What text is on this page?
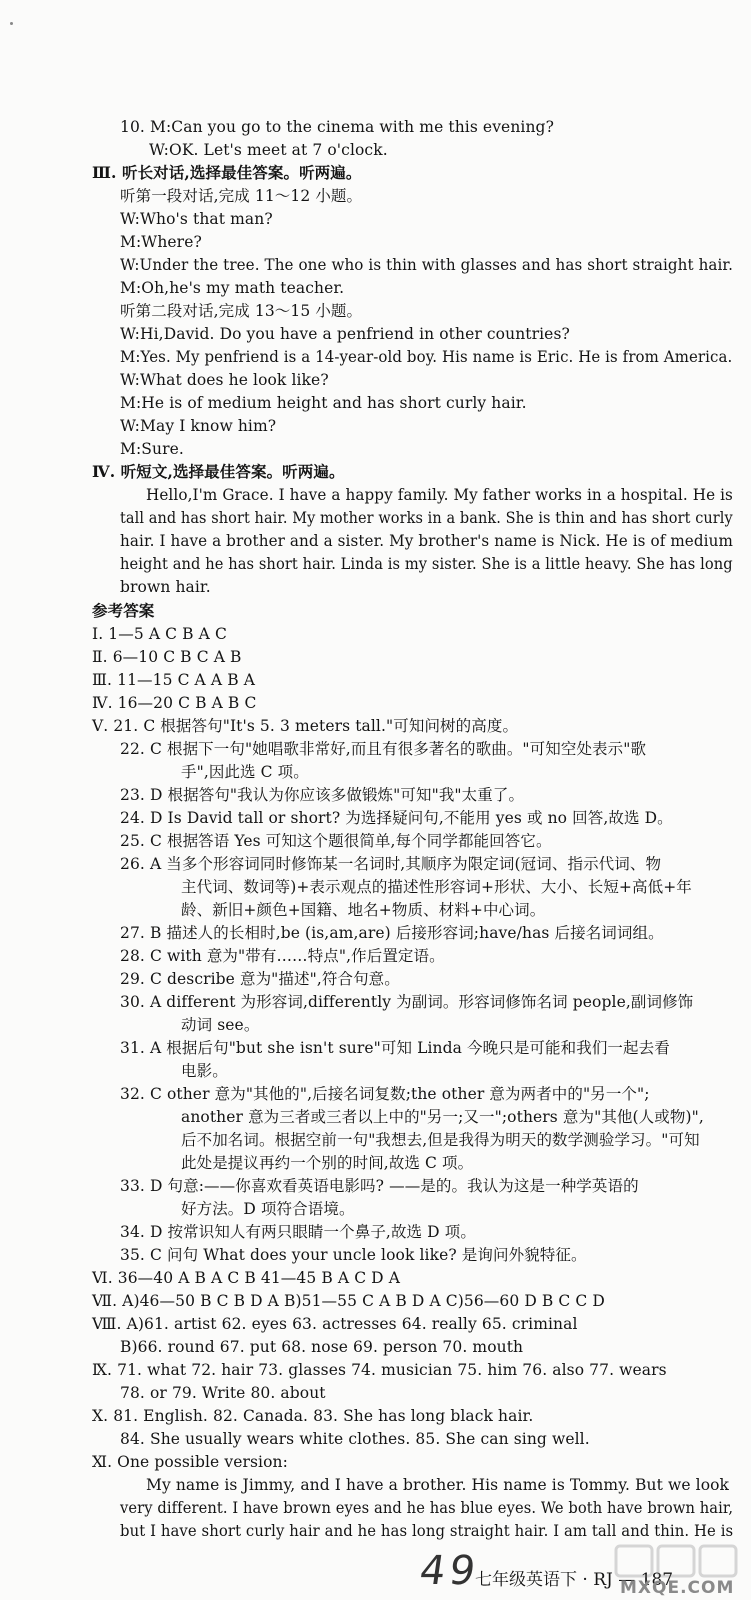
10. M:Can you go to the cinema with me this evening?
W:OK. Let's meet at 7 o'clock.
Ⅲ. 听长对话,选择最佳答案。听两遍。
听第一段对话,完成 11～12 小题。
W:Who's that man?
M:Where?
W:Under the tree. The one who is thin with glasses and has short straight hair.
M:Oh,he's my math teacher.
听第二段对话,完成 13～15 小题。
W:Hi,David. Do you have a penfriend in other countries?
M:Yes. My penfriend is a 14-year-old boy. His name is Eric. He is from America.
W:What does he look like?
M:He is of medium height and has short curly hair.
W:May I know him?
M:Sure.
Ⅳ. 听短文,选择最佳答案。听两遍。
Hello,I'm Grace. I have a happy family. My father works in a hospital. He is
tall and has short hair. My mother works in a bank. She is thin and has short curly
hair. I have a brother and a sister. My brother's name is Nick. He is of medium
height and he has short hair. Linda is my sister. She is a little heavy. She has long
brown hair.
参考答案
Ⅰ. 1—5 A C B A C
Ⅱ. 6—10 C B C A B
Ⅲ. 11—15 C A A B A
Ⅳ. 16—20 C B A B C
Ⅴ. 21. C 根据答句"It's 5. 3 meters tall."可知问树的高度。
22. C 根据下一句"她唱歌非常好,而且有很多著名的歌曲。"可知空处表示"歌
手",因此选 C 项。
23. D 根据答句"我认为你应该多做锻炼"可知"我"太重了。
24. D Is David tall or short? 为选择疑问句,不能用 yes 或 no 回答,故选 D。
25. C 根据答语 Yes 可知这个题很简单,每个同学都能回答它。
26. A 当多个形容词同时修饰某一名词时,其顺序为限定词(冠词、指示代词、物
主代词、数词等)+表示观点的描述性形容词+形状、大小、长短+高低+年
龄、新旧+颜色+国籍、地名+物质、材料+中心词。
27. B 描述人的长相时,be (is,am,are) 后接形容词;have/has 后接名词词组。
28. C with 意为"带有……特点",作后置定语。
29. C describe 意为"描述",符合句意。
30. A different 为形容词,differently 为副词。形容词修饰名词 people,副词修饰
动词 see。
31. A 根据后句"but she isn't sure"可知 Linda 今晚只是可能和我们一起去看
电影。
32. C other 意为"其他的",后接名词复数;the other 意为两者中的"另一个";
another 意为三者或三者以上中的"另一;又一";others 意为"其他(人或物)",
后不加名词。根据空前一句"我想去,但是我得为明天的数学测验学习。"可知
此处是提议再约一个别的时间,故选 C 项。
33. D 句意:——你喜欢看英语电影吗? ——是的。我认为这是一种学英语的
好方法。D 项符合语境。
34. D 按常识知人有两只眼睛一个鼻子,故选 D 项。
35. C 问句 What does your uncle look like? 是询问外貌特征。
Ⅵ. 36—40 A B A C B 41—45 B A C D A
Ⅶ. A)46—50 B C B D A B)51—55 C A B D A C)56—60 D B C C D
Ⅷ. A)61. artist 62. eyes 63. actresses 64. really 65. criminal
B)66. round 67. put 68. nose 69. person 70. mouth
Ⅸ. 71. what 72. hair 73. glasses 74. musician 75. him 76. also 77. wears
78. or 79. Write 80. about
Ⅹ. 81. English. 82. Canada. 83. She has long black hair.
84. She usually wears white clothes. 85. She can sing well.
Ⅺ. One possible version:
My name is Jimmy, and I have a brother. His name is Tommy. But we look
very different. I have brown eyes and he has blue eyes. We both have brown hair,
but I have short curly hair and he has long straight hair. I am tall and thin. He is
49
七年级英语下 · RJ — 187
MXQE.COM
